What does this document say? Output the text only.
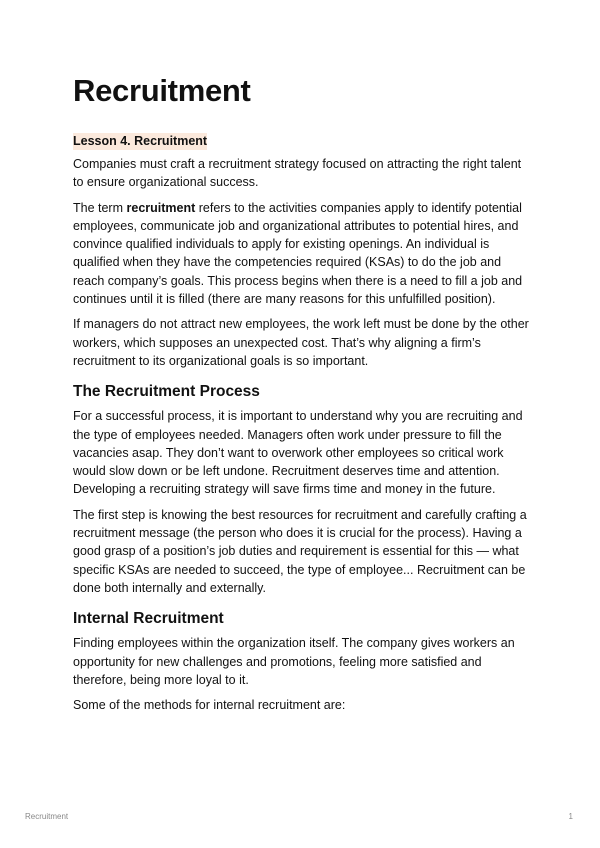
Recruitment
Lesson 4. Recruitment

Companies must craft a recruitment strategy focused on attracting the right talent to ensure organizational success.

The term recruitment refers to the activities companies apply to identify potential employees, communicate job and organizational attributes to potential hires, and convince qualified individuals to apply for existing openings. An individual is qualified when they have the competencies required (KSAs) to do the job and reach company’s goals. This process begins when there is a need to fill a job and continues until it is filled (there are many reasons for this unfulfilled position).

If managers do not attract new employees, the work left must be done by the other workers, which supposes an unexpected cost. That’s why aligning a firm’s recruitment to its organizational goals is so important.

The Recruitment Process

For a successful process, it is important to understand why you are recruiting and the type of employees needed. Managers often work under pressure to fill the vacancies asap. They don’t want to overwork other employees so critical work would slow down or be left undone. Recruitment deserves time and attention. Developing a recruiting strategy will save firms time and money in the future.

The first step is knowing the best resources for recruitment and carefully crafting a recruitment message (the person who does it is crucial for the process). Having a good grasp of a position’s job duties and requirement is essential for this — what specific KSAs are needed to succeed, the type of employee... Recruitment can be done both internally and externally.

Internal Recruitment

Finding employees within the organization itself. The company gives workers an opportunity for new challenges and promotions, feeling more satisfied and therefore, being more loyal to it.

Some of the methods for internal recruitment are:

Recruitment	1
